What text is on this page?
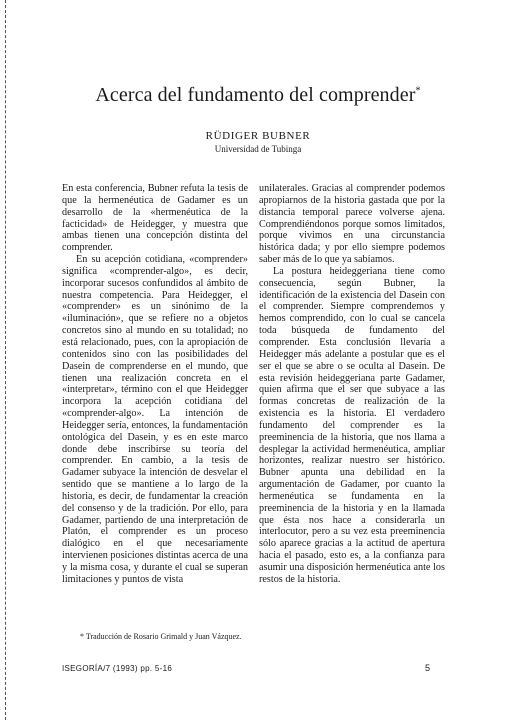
Acerca del fundamento del comprender*
RÜDIGER BUBNER
Universidad de Tubinga

En esta conferencia, Bubner refuta la tesis de que la hermenéutica de Gadamer es un desarrollo de la «hermenéutica de la facticidad» de Heidegger, y muestra que ambas tienen una concepción distinta del comprender.

En su acepción cotidiana, «comprender» significa «comprender-algo», es decir, incorporar sucesos confundidos al ámbito de nuestra competencia. Para Heidegger, el «comprender» es un sinónimo de la «iluminación», que se refiere no a objetos concretos sino al mundo en su totalidad; no está relacionado, pues, con la apropiación de contenidos sino con las posibilidades del Dasein de comprenderse en el mundo, que tienen una realización concreta en el «interpretar», término con el que Heidegger incorpora la acepción cotidiana del «comprender-algo». La intención de Heidegger sería, entonces, la fundamentación ontológica del Dasein, y es en este marco donde debe inscribirse su teoría del comprender. En cambio, a la tesis de Gadamer subyace la intención de desvelar el sentido que se mantiene a lo largo de la historia, es decir, de fundamentar la creación del consenso y de la tradición. Por ello, para Gadamer, partiendo de una interpretación de Platón, el comprender es un proceso dialógico en el que necesariamente intervienen posiciones distintas acerca de una y la misma cosa, y durante el cual se superan limitaciones y puntos de vista

unilaterales. Gracias al comprender podemos apropiarnos de la historia gastada que por la distancia temporal parece volverse ajena. Comprendiéndonos porque somos limitados, porque vivimos en una circunstancia histórica dada; y por ello siempre podemos saber más de lo que ya sabíamos.

La postura heideggeriana tiene como consecuencia, según Bubner, la identificación de la existencia del Dasein con el comprender. Siempre comprendemos y hemos comprendido, con lo cual se cancela toda búsqueda de fundamento del comprender. Esta conclusión llevaría a Heidegger más adelante a postular que es el ser el que se abre o se oculta al Dasein. De esta revisión heideggeriana parte Gadamer, quien afirma que el ser que subyace a las formas concretas de realización de la existencia es la historia. El verdadero fundamento del comprender es la preeminencia de la historia, que nos llama a desplegar la actividad hermenéutica, ampliar horizontes, realizar nuestro ser histórico. Bubner apunta una debilidad en la argumentación de Gadamer, por cuanto la hermenéutica se fundamenta en la preeminencia de la historia y en la llamada que ésta nos hace a considerarla un interlocutor, pero a su vez esta preeminencia sólo aparece gracias a la actitud de apertura hacia el pasado, esto es, a la confianza para asumir una disposición hermenéutica ante los restos de la historia.

* Traducción de Rosario Grimald y Juan Vázquez.
ISEGORÍA/7 (1993) pp. 5-16	5
